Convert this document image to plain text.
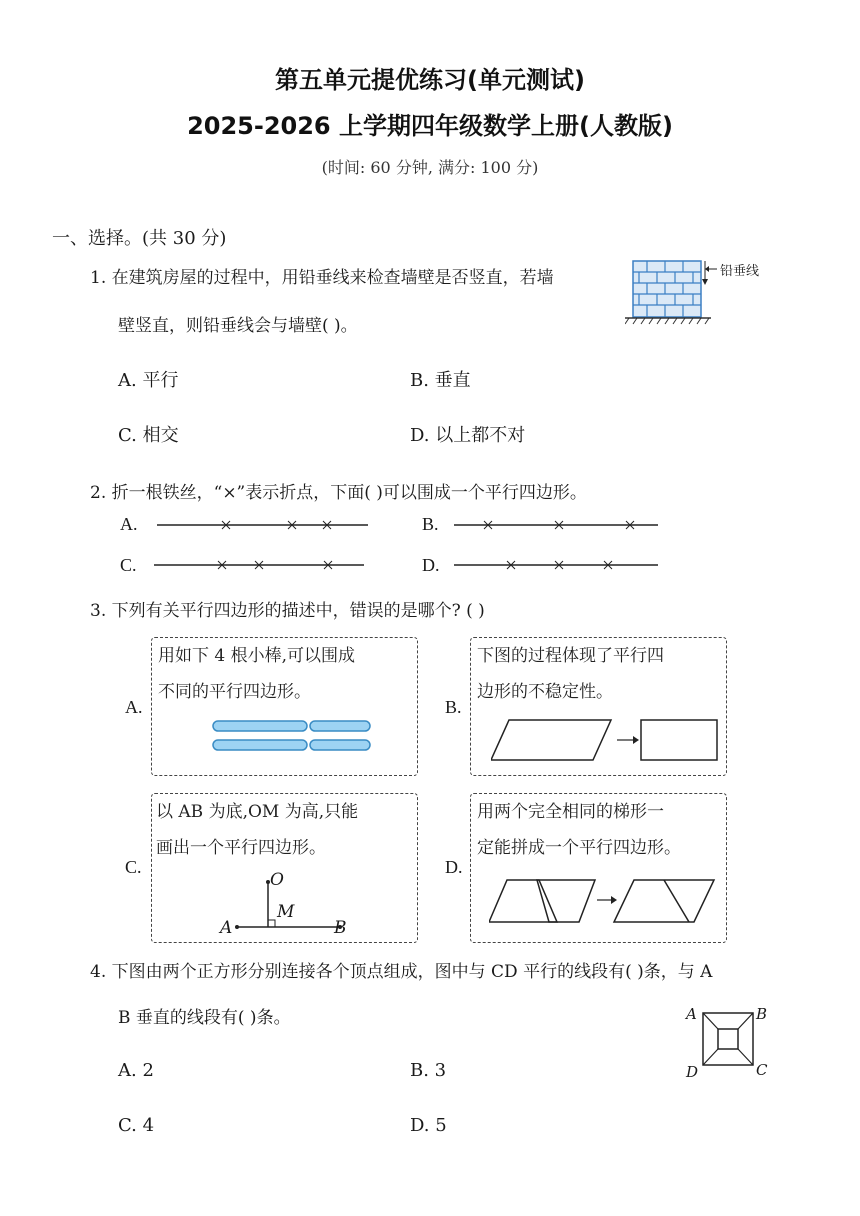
第五单元提优练习(单元测试)
2025-2026 上学期四年级数学上册(人教版)
(时间: 60 分钟, 满分: 100 分)
一、选择。(共 30 分)
1. 在建筑房屋的过程中，用铅垂线来检查墙壁是否竖直，若墙
壁竖直，则铅垂线会与墙壁( )。
铅垂线
A. 平行	B. 垂直
C. 相交	D. 以上都不对
2. 折一根铁丝，“×”表示折点，下面( )可以围成一个平行四边形。
A.	B.
C.	D.
3. 下列有关平行四边形的描述中，错误的是哪个? ( )
A.
用如下 4 根小棒,可以围成
不同的平行四边形。
B.
下图的过程体现了平行四
边形的不稳定性。
C.
以 AB 为底,OM 为高,只能
画出一个平行四边形。
O
M
A	B
D.
用两个完全相同的梯形一
定能拼成一个平行四边形。
4. 下图由两个正方形分别连接各个顶点组成，图中与 CD 平行的线段有( )条，与 A
B 垂直的线段有( )条。	A	B
C
D
A. 2	B. 3
C. 4	D. 5
